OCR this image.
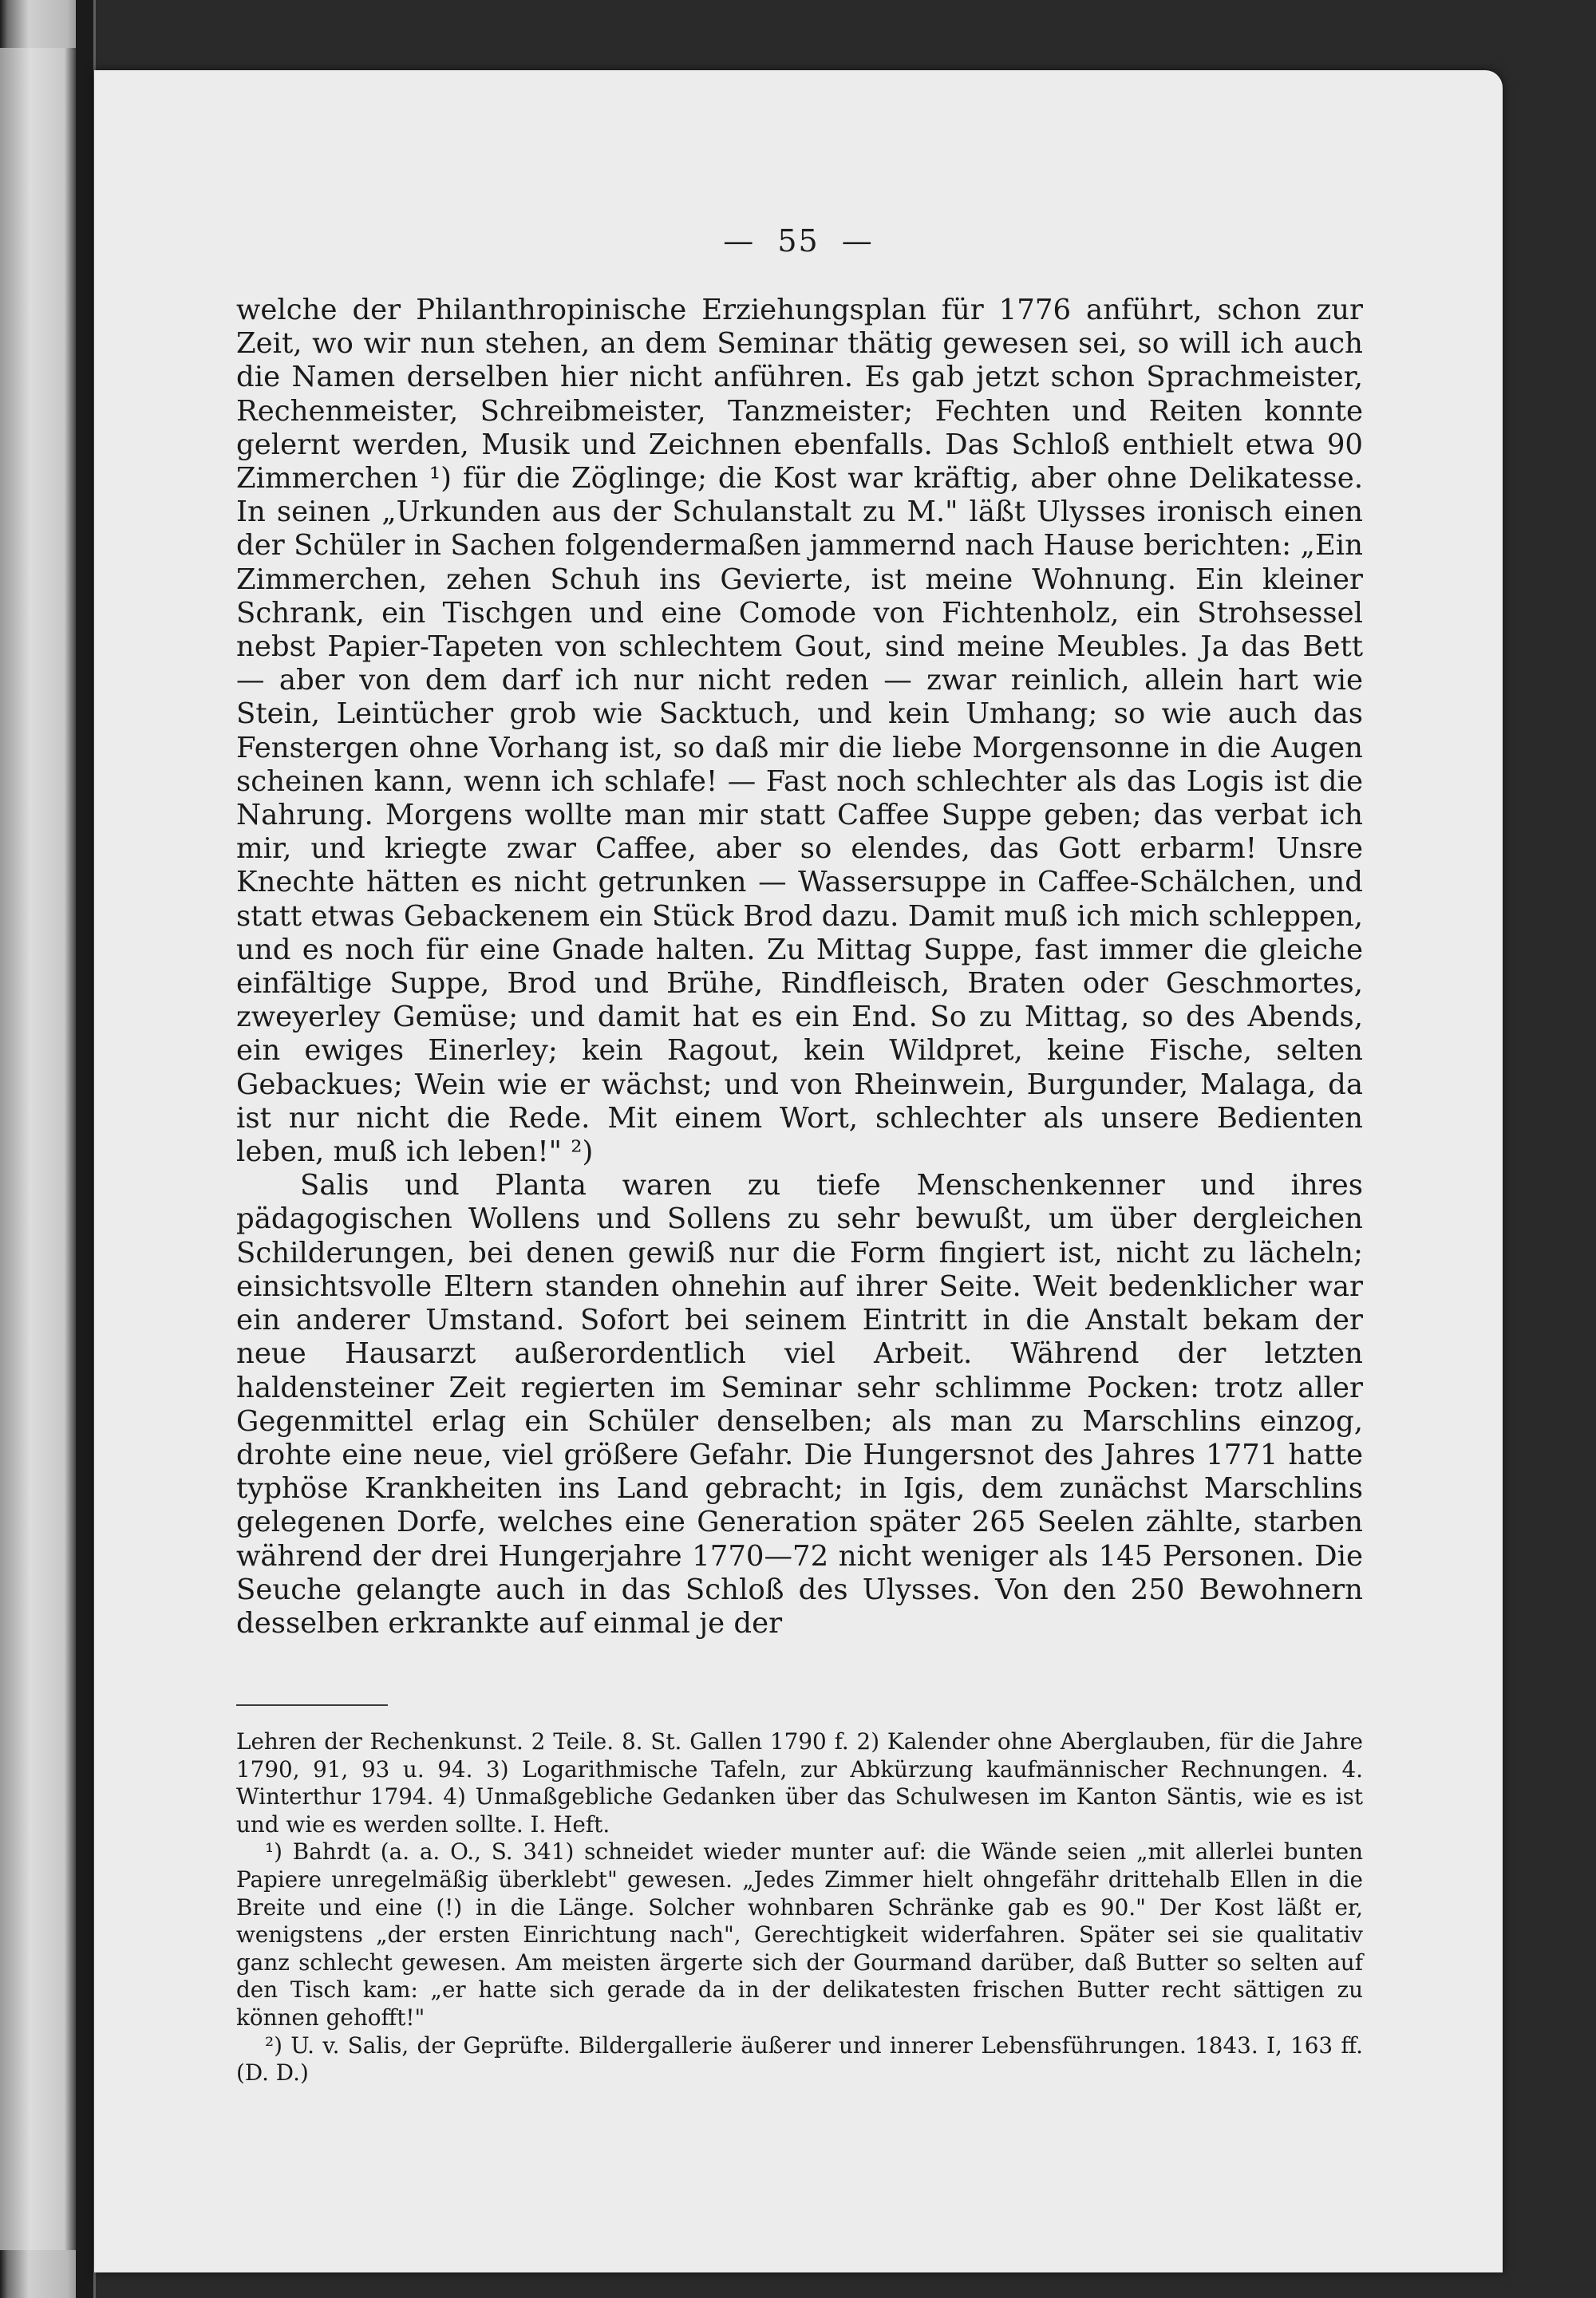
— 55 —

welche der Philanthropinische Erziehungsplan für 1776 anführt, schon zur Zeit, wo wir nun stehen, an dem Seminar thätig gewesen sei, so will ich auch die Namen derselben hier nicht anführen. Es gab jetzt schon Sprachmeister, Rechenmeister, Schreibmeister, Tanzmeister; Fechten und Reiten konnte gelernt werden, Musik und Zeichnen ebenfalls. Das Schloß enthielt etwa 90 Zimmerchen ¹) für die Zöglinge; die Kost war kräftig, aber ohne Delikatesse. In seinen „Urkunden aus der Schulanstalt zu M." läßt Ulysses ironisch einen der Schüler in Sachen folgendermaßen jammernd nach Hause berichten: „Ein Zimmerchen, zehen Schuh ins Gevierte, ist meine Wohnung. Ein kleiner Schrank, ein Tischgen und eine Comode von Fichtenholz, ein Strohsessel nebst Papier-Tapeten von schlechtem Gout, sind meine Meubles. Ja das Bett — aber von dem darf ich nur nicht reden — zwar reinlich, allein hart wie Stein, Leintücher grob wie Sacktuch, und kein Umhang; so wie auch das Fenstergen ohne Vorhang ist, so daß mir die liebe Morgensonne in die Augen scheinen kann, wenn ich schlafe! — Fast noch schlechter als das Logis ist die Nahrung. Morgens wollte man mir statt Caffee Suppe geben; das verbat ich mir, und kriegte zwar Caffee, aber so elendes, das Gott erbarm! Unsre Knechte hätten es nicht getrunken — Wassersuppe in Caffee-Schälchen, und statt etwas Gebackenem ein Stück Brod dazu. Damit muß ich mich schleppen, und es noch für eine Gnade halten. Zu Mittag Suppe, fast immer die gleiche einfältige Suppe, Brod und Brühe, Rindfleisch, Braten oder Geschmortes, zweyerley Gemüse; und damit hat es ein End. So zu Mittag, so des Abends, ein ewiges Einerley; kein Ragout, kein Wildpret, keine Fische, selten Gebackues; Wein wie er wächst; und von Rheinwein, Burgunder, Malaga, da ist nur nicht die Rede. Mit einem Wort, schlechter als unsere Bedienten leben, muß ich leben!" ²)

Salis und Planta waren zu tiefe Menschenkenner und ihres pädagogischen Wollens und Sollens zu sehr bewußt, um über dergleichen Schilderungen, bei denen gewiß nur die Form fingiert ist, nicht zu lächeln; einsichtsvolle Eltern standen ohnehin auf ihrer Seite. Weit bedenklicher war ein anderer Umstand. Sofort bei seinem Eintritt in die Anstalt bekam der neue Hausarzt außerordentlich viel Arbeit. Während der letzten haldensteiner Zeit regierten im Seminar sehr schlimme Pocken: trotz aller Gegenmittel erlag ein Schüler denselben; als man zu Marschlins einzog, drohte eine neue, viel größere Gefahr. Die Hungersnot des Jahres 1771 hatte typhöse Krankheiten ins Land gebracht; in Igis, dem zunächst Marschlins gelegenen Dorfe, welches eine Generation später 265 Seelen zählte, starben während der drei Hungerjahre 1770—72 nicht weniger als 145 Personen. Die Seuche gelangte auch in das Schloß des Ulysses. Von den 250 Bewohnern desselben erkrankte auf einmal je der

Lehren der Rechenkunst. 2 Teile. 8. St. Gallen 1790 f. 2) Kalender ohne Aberglauben, für die Jahre 1790, 91, 93 u. 94. 3) Logarithmische Tafeln, zur Abkürzung kaufmännischer Rechnungen. 4. Winterthur 1794. 4) Unmaßgebliche Gedanken über das Schulwesen im Kanton Säntis, wie es ist und wie es werden sollte. I. Heft.

¹) Bahrdt (a. a. O., S. 341) schneidet wieder munter auf: die Wände seien „mit allerlei bunten Papiere unregelmäßig überklebt" gewesen. „Jedes Zimmer hielt ohngefähr drittehalb Ellen in die Breite und eine (!) in die Länge. Solcher wohnbaren Schränke gab es 90." Der Kost läßt er, wenigstens „der ersten Einrichtung nach", Gerechtigkeit widerfahren. Später sei sie qualitativ ganz schlecht gewesen. Am meisten ärgerte sich der Gourmand darüber, daß Butter so selten auf den Tisch kam: „er hatte sich gerade da in der delikatesten frischen Butter recht sättigen zu können gehofft!"

²) U. v. Salis, der Geprüfte. Bildergallerie äußerer und innerer Lebensführungen. 1843. I, 163 ff. (D. D.)
